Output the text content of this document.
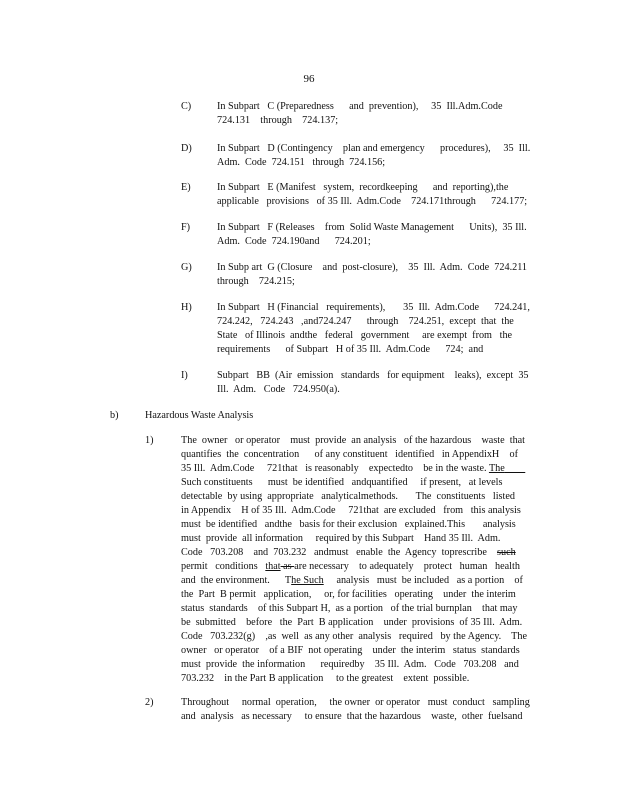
96
C)	In Subpart   C (Preparedness      and  prevention),     35  Ill.Adm.Code
724.131    through    724.137;
D) In Subpart   D (Contingency    plan and emergency      procedures),     35  Ill.
Adm.  Code  724.151   through  724.156;
E)	In Subpart   E (Manifest   system,  recordkeeping      and  reporting),the
applicable   provisions   of 35 Ill.  Adm.Code    724.171through      724.177;
F)	In Subpart   F (Releases    from  Solid Waste Management      Units),  35 Ill.
Adm.  Code  724.190and      724.201;
G) In Subp art  G (Closure    and  post-closure),    35  Ill.  Adm.  Code  724.211
through    724.215;
H) In Subpart   H (Financial   requirements),       35  Ill.  Adm.Code      724.241,
724.242,   724.243   ,and724.247      through    724.251,  except  that  the
State   of Illinois  andthe   federal   government     are exempt  from   the
requirements      of Subpart   H of 35 Ill.  Adm.Code      724;  and
I)	Subpart   BB  (Air  emission   standards   for equipment    leaks),  except  35
Ill.  Adm.   Code   724.950(a).
b)	Hazardous Waste Analysis
1)	The  owner   or operator    must  provide  an analysis   of the hazardous    waste  that
quantifies  the  concentration      of any constituent   identified   in AppendixH    of
35 Ill.  Adm.Code     721that   is reasonably    expectedto    be in the waste. The____
Such constituents      must  be identified   andquantified     if present,   at levels
detectable  by using  appropriate   analyticalmethods.       The  constituents   listed
in Appendix    H of 35 Ill.  Adm.Code     721that  are excluded   from   this analysis
must  be identified   andthe   basis for their exclusion   explained.This       analysis
must  provide  all information     required by this Subpart    Hand 35 Ill.  Adm.
Code   703.208    and  703.232   andmust   enable  the  Agency  toprescribe    such
permit   conditions   that as are necessary    to adequately    protect   human   health
and  the environment.      The Such     analysis   must  be included   as a portion    of
the  Part  B permit   application,     or, for facilities   operating    under  the interim
status  standards    of this Subpart H,  as a portion   of the trial burnplan    that may
be  submitted    before   the  Part  B application    under  provisions  of 35 Ill.  Adm.
Code   703.232(g)    ,as  well  as any other  analysis   required   by the Agency.    The
owner   or operator    of a BIF  not operating    under  the interim   status  standards
must  provide  the information      requiredby    35 Ill.  Adm.   Code   703.208   and
703.232    in the Part B application     to the greatest    extent  possible.
2)	Throughout     normal  operation,     the owner  or operator   must  conduct   sampling
and  analysis   as necessary     to ensure  that the hazardous    waste,  other  fuelsand
